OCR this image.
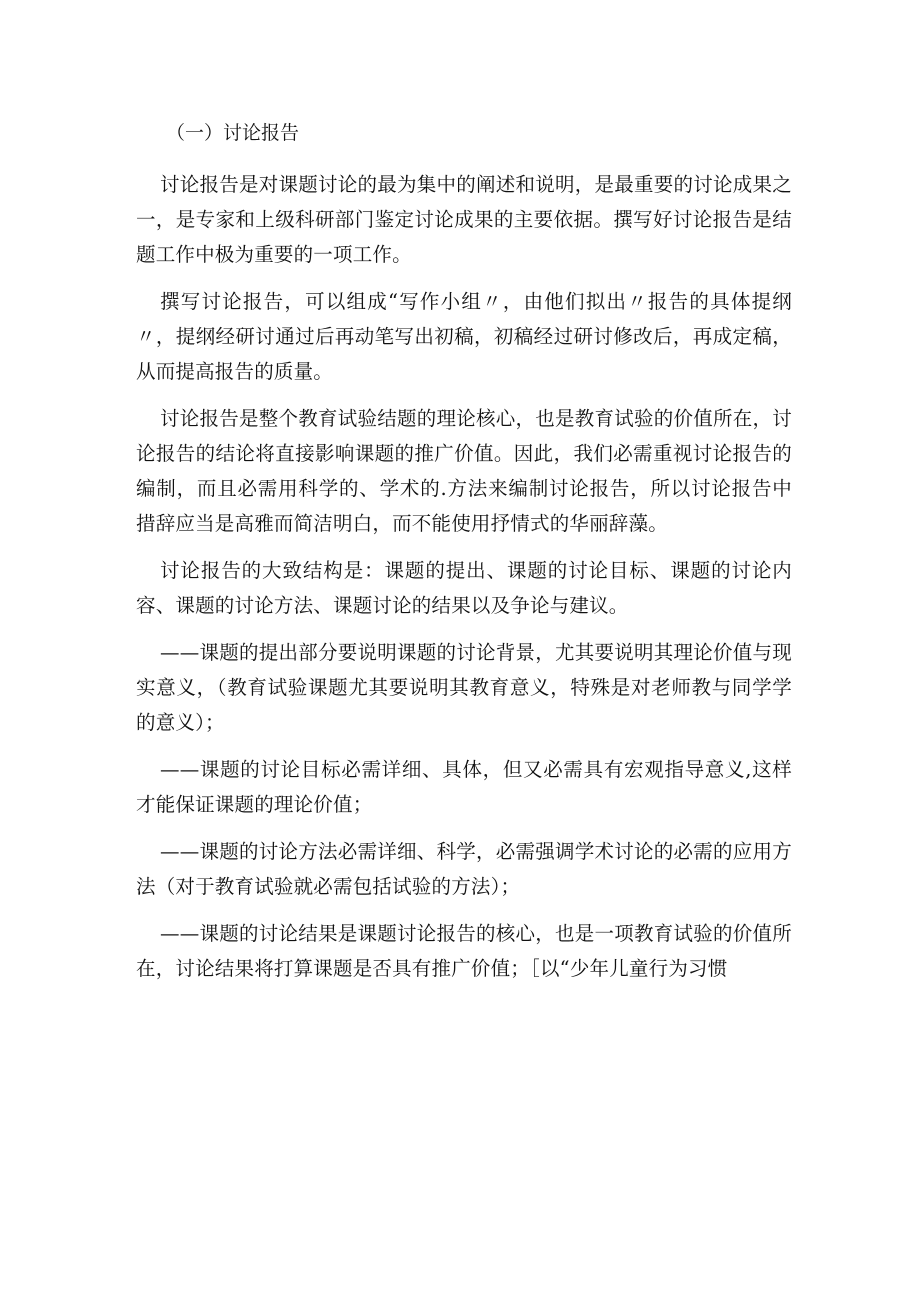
（一）讨论报告

讨论报告是对课题讨论的最为集中的阐述和说明，是最重要的讨论成果之一，是专家和上级科研部门鉴定讨论成果的主要依据。撰写好讨论报告是结题工作中极为重要的一项工作。

撰写讨论报告，可以组成“写作小组〃，由他们拟出〃报告的具体提纲〃，提纲经研讨通过后再动笔写出初稿，初稿经过研讨修改后，再成定稿，从而提高报告的质量。

讨论报告是整个教育试验结题的理论核心，也是教育试验的价值所在，讨论报告的结论将直接影响课题的推广价值。因此，我们必需重视讨论报告的编制，而且必需用科学的、学术的.方法来编制讨论报告，所以讨论报告中措辞应当是高雅而简洁明白，而不能使用抒情式的华丽辞藻。

讨论报告的大致结构是：课题的提出、课题的讨论目标、课题的讨论内容、课题的讨论方法、课题讨论的结果以及争论与建议。

——课题的提出部分要说明课题的讨论背景，尤其要说明其理论价值与现实意义，（教育试验课题尤其要说明其教育意义，特殊是对老师教与同学学的意义）；

——课题的讨论目标必需详细、具体，但又必需具有宏观指导意义,这样才能保证课题的理论价值；

——课题的讨论方法必需详细、科学，必需强调学术讨论的必需的应用方法（对于教育试验就必需包括试验的方法）；

——课题的讨论结果是课题讨论报告的核心，也是一项教育试验的价值所在，讨论结果将打算课题是否具有推广价值；［以“少年儿童行为习惯
